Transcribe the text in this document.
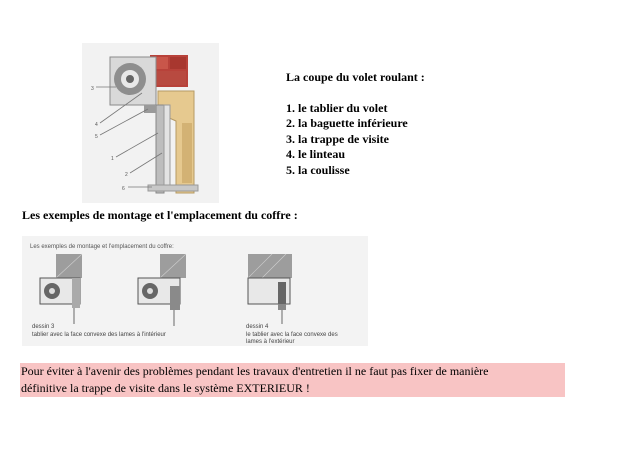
3
4
5
1
2
6
La coupe du volet roulant :
1. le tablier du volet
2. la baguette inférieure
3. la trappe de visite
4. le linteau
5. la coulisse
Les exemples de montage et l'emplacement du coffre :
Les exemples de montage et l'emplacement du coffre:
dessin 3
tablier avec la face convexe des lames à l'intérieur
dessin 4
le tablier avec la face convexe des
lames à l'extérieur
Pour éviter à l'avenir des problèmes pendant les travaux d'entretien il ne faut pas fixer de manière
définitive la trappe de visite dans le système EXTERIEUR !
